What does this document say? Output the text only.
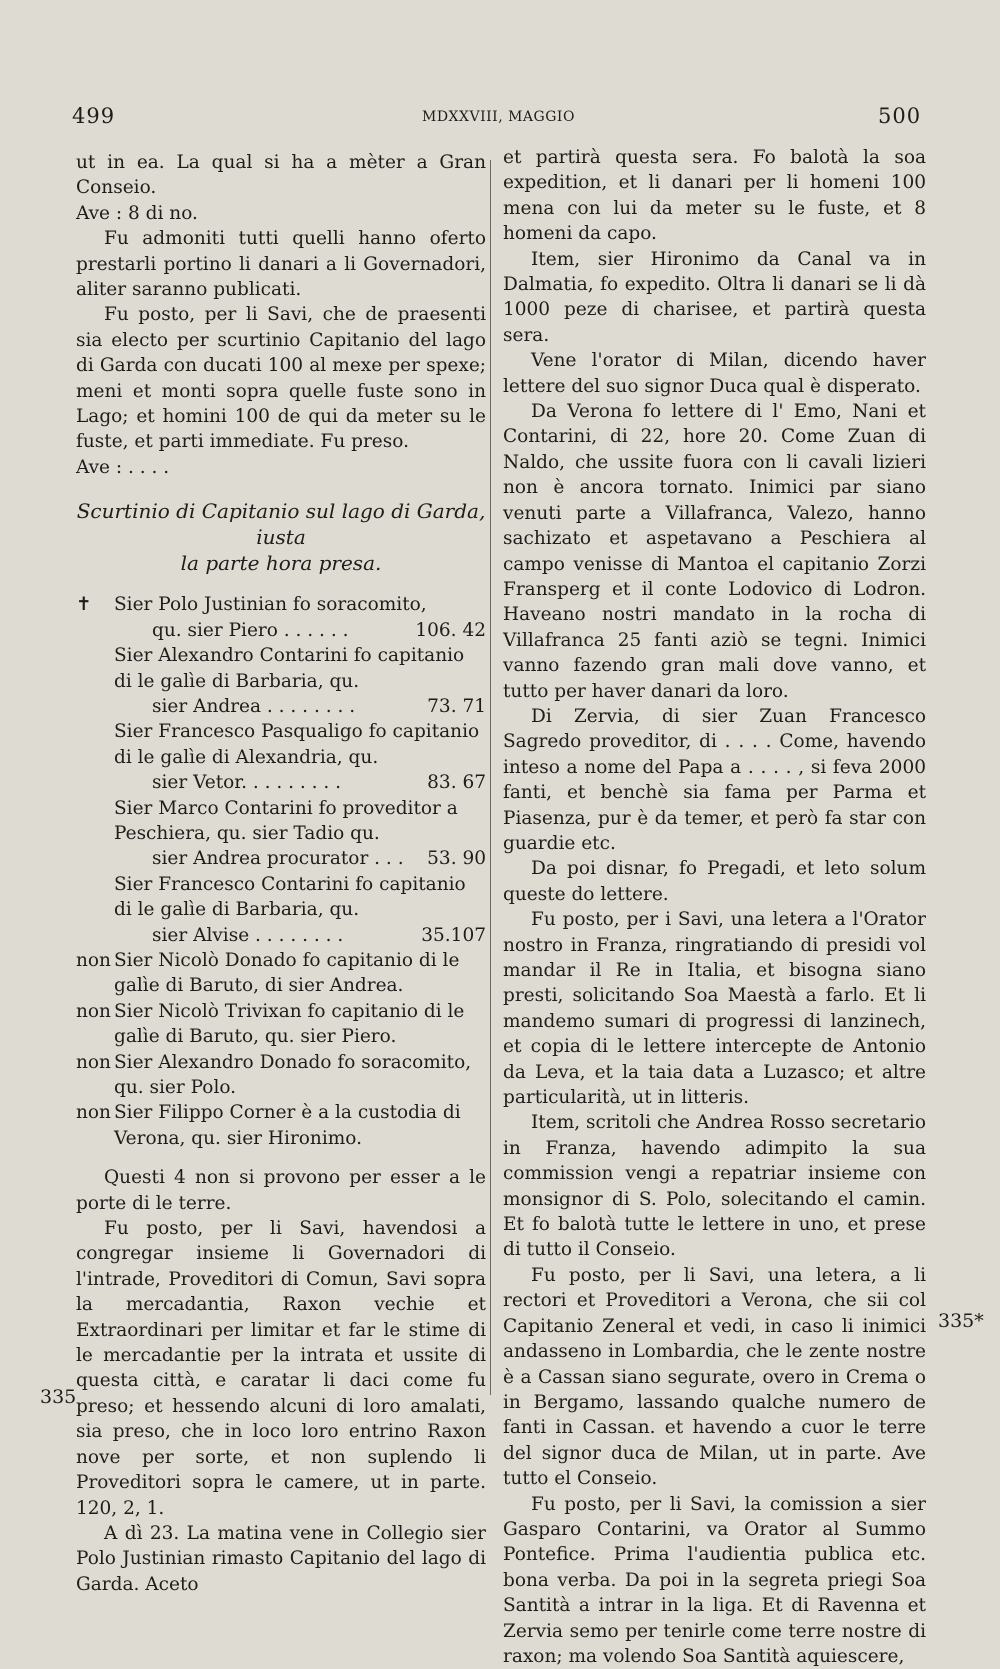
499	MDXXVIII, MAGGIO	500
335
335*

ut in ea. La qual si ha a mèter a Gran Conseio.

Ave : 8 di no.

Fu admoniti tutti quelli hanno oferto prestarli portino li danari a li Governadori, aliter saranno publicati.

Fu posto, per li Savi, che de praesenti sia electo per scurtinio Capitanio del lago di Garda con ducati 100 al mexe per spexe; meni et monti sopra quelle fuste sono in Lago; et homini 100 de qui da meter su le fuste, et parti immediate. Fu preso.

Ave : . . . .

Scurtinio di Capitanio sul lago di Garda, iusta
la parte hora presa.
✝	Sier Polo Justinian fo soracomito,
qu. sier Piero . . . . . .	106. 42
Sier Alexandro Contarini fo capitanio di le galìe di Barbaria, qu.
sier Andrea . . . . . . . .	73. 71
Sier Francesco Pasqualigo fo capitanio di le galìe di Alexandria, qu.
sier Vetor. . . . . . . . .	83. 67
Sier Marco Contarini fo proveditor a Peschiera, qu. sier Tadio qu.
sier Andrea procurator . . .	53. 90
Sier Francesco Contarini fo capitanio di le galìe di Barbaria, qu.
sier Alvise . . . . . . . .	35.107
non Sier Nicolò Donado fo capitanio di le galìe di Baruto, di sier Andrea.
non Sier Nicolò Trivixan fo capitanio di le galìe di Baruto, qu. sier Piero.
non Sier Alexandro Donado fo soracomito, qu. sier Polo.
non Sier Filippo Corner è a la custodia di Verona, qu. sier Hironimo.

Questi 4 non si provono per esser a le porte di le terre.

Fu posto, per li Savi, havendosi a congregar insieme li Governadori di l'intrade, Proveditori di Comun, Savi sopra la mercadantia, Raxon vechie et Extraordinari per limitar et far le stime di le mercadantie per la intrata et ussite di questa città, e caratar li daci come fu preso; et hessendo alcuni di loro amalati, sia preso, che in loco loro entrino Raxon nove per sorte, et non suplendo li Proveditori sopra le camere, ut in parte. 120, 2, 1.

A dì 23. La matina vene in Collegio sier Polo Justinian rimasto Capitanio del lago di Garda. Aceto

et partirà questa sera. Fo balotà la soa expedition, et li danari per li homeni 100 mena con lui da meter su le fuste, et 8 homeni da capo.

Item, sier Hironimo da Canal va in Dalmatia, fo expedito. Oltra li danari se li dà 1000 peze di charisee, et partirà questa sera.

Vene l'orator di Milan, dicendo haver lettere del suo signor Duca qual è disperato.

Da Verona fo lettere di l' Emo, Nani et Contarini, di 22, hore 20. Come Zuan di Naldo, che ussite fuora con li cavali lizieri non è ancora tornato. Inimici par siano venuti parte a Villafranca, Valezo, hanno sachizato et aspetavano a Peschiera al campo venisse di Mantoa el capitanio Zorzi Fransperg et il conte Lodovico di Lodron. Haveano nostri mandato in la rocha di Villafranca 25 fanti aziò se tegni. Inimici vanno fazendo gran mali dove vanno, et tutto per haver danari da loro.

Di Zervia, di sier Zuan Francesco Sagredo proveditor, di . . . . Come, havendo inteso a nome del Papa a . . . . , si feva 2000 fanti, et benchè sia fama per Parma et Piasenza, pur è da temer, et però fa star con guardie etc.

Da poi disnar, fo Pregadi, et leto solum queste do lettere.

Fu posto, per i Savi, una letera a l'Orator nostro in Franza, ringratiando di presidi vol mandar il Re in Italia, et bisogna siano presti, solicitando Soa Maestà a farlo. Et li mandemo sumari di progressi di lanzinech, et copia di le lettere intercepte de Antonio da Leva, et la taia data a Luzasco; et altre particularità, ut in litteris.

Item, scritoli che Andrea Rosso secretario in Franza, havendo adimpito la sua commission vengi a repatriar insieme con monsignor di S. Polo, solecitando el camin. Et fo balotà tutte le lettere in uno, et prese di tutto il Conseio.

Fu posto, per li Savi, una letera, a li rectori et Proveditori a Verona, che sii col Capitanio Zeneral et vedi, in caso li inimici andasseno in Lombardia, che le zente nostre è a Cassan siano segurate, overo in Crema o in Bergamo, lassando qualche numero de fanti in Cassan. et havendo a cuor le terre del signor duca de Milan, ut in parte. Ave tutto el Conseio.

Fu posto, per li Savi, la comission a sier Gasparo Contarini, va Orator al Summo Pontefice. Prima l'audientia publica etc. bona verba. Da poi in la segreta priegi Soa Santità a intrar in la liga. Et di Ravenna et Zervia semo per tenirle come terre nostre di raxon; ma volendo Soa Santità aquiescere,
